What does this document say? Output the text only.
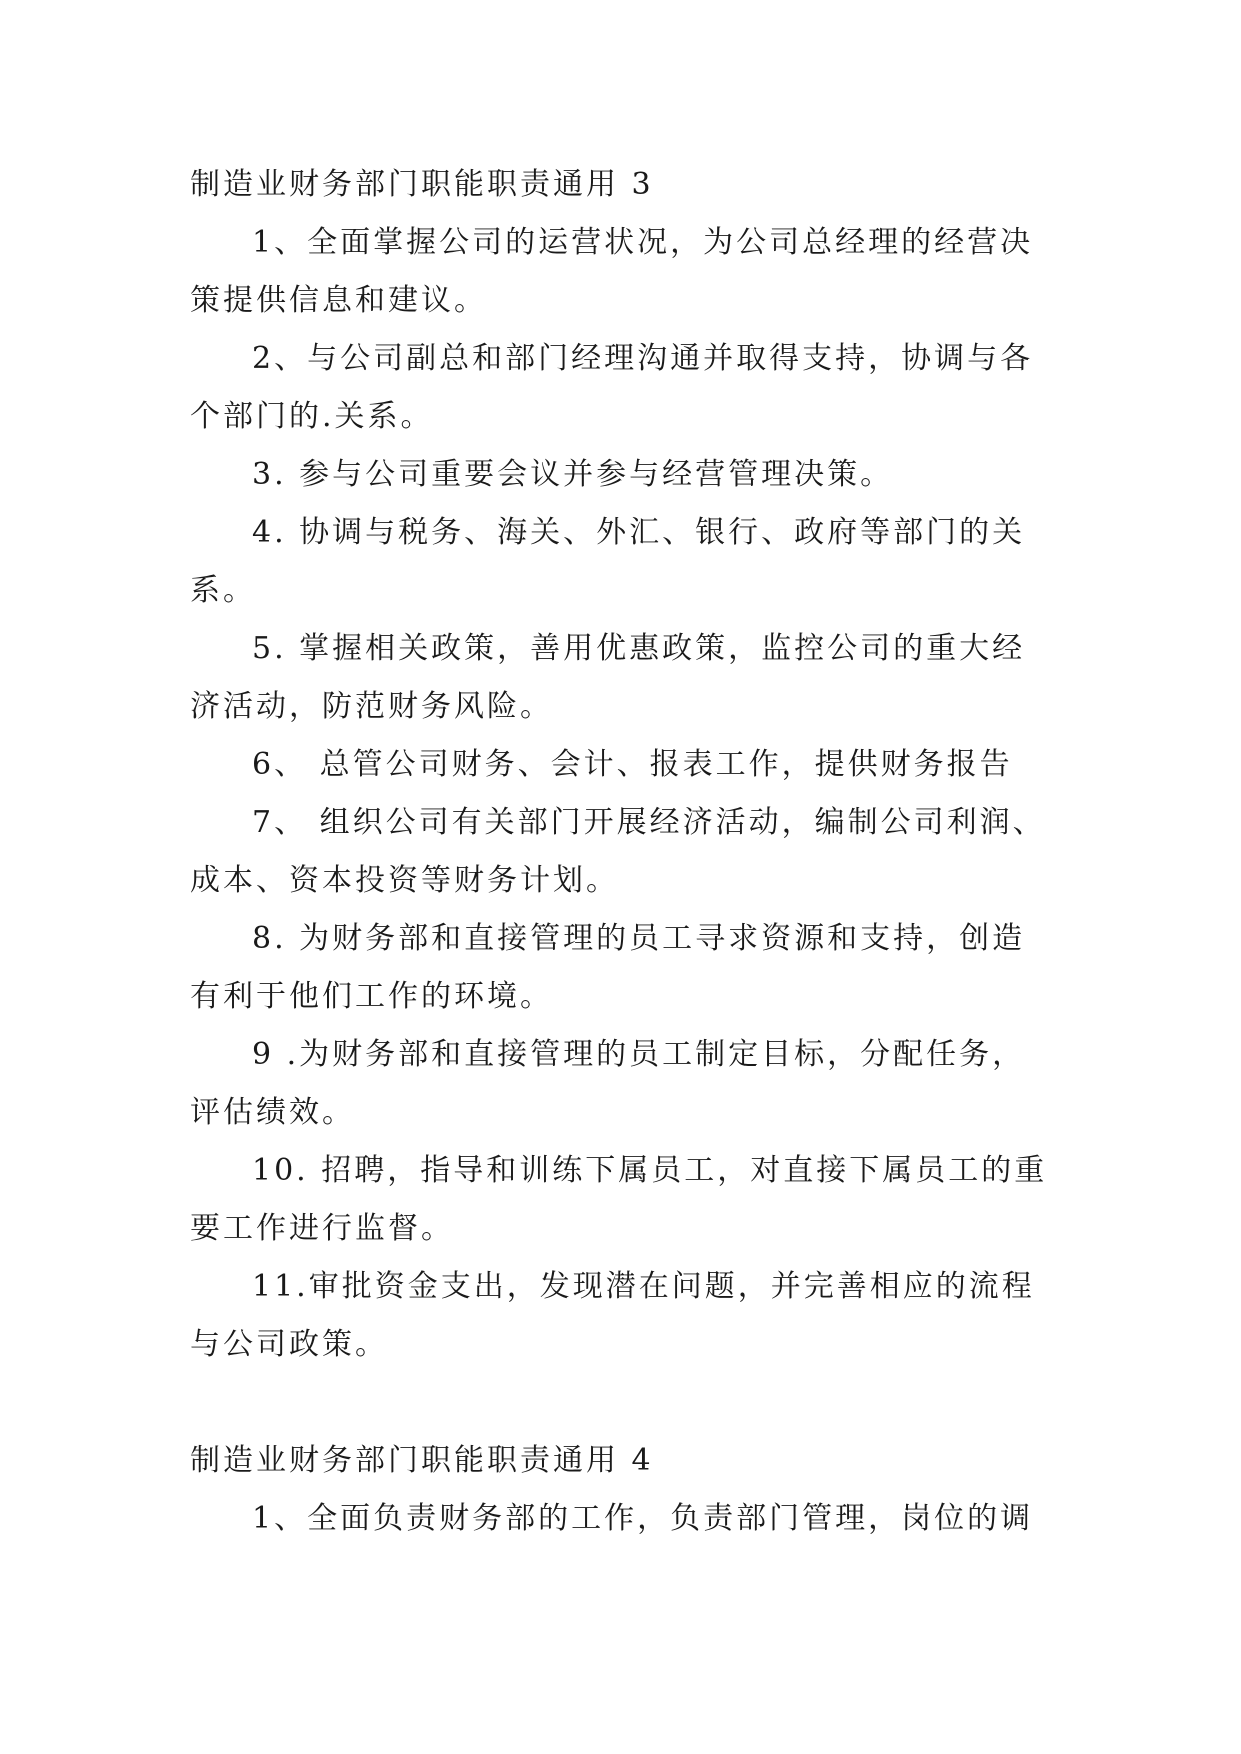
制造业财务部门职能职责通用 3
1、全面掌握公司的运营状况，为公司总经理的经营决
策提供信息和建议。
2、与公司副总和部门经理沟通并取得支持，协调与各
个部门的.关系。
3. 参与公司重要会议并参与经营管理决策。
4. 协调与税务、海关、外汇、银行、政府等部门的关
系。
5. 掌握相关政策，善用优惠政策，监控公司的重大经
济活动，防范财务风险。
6、 总管公司财务、会计、报表工作，提供财务报告
7、 组织公司有关部门开展经济活动，编制公司利润、
成本、资本投资等财务计划。
8. 为财务部和直接管理的员工寻求资源和支持，创造
有利于他们工作的环境。
9 .为财务部和直接管理的员工制定目标，分配任务，
评估绩效。
10. 招聘，指导和训练下属员工，对直接下属员工的重
要工作进行监督。
11.审批资金支出，发现潜在问题，并完善相应的流程
与公司政策。
制造业财务部门职能职责通用 4
1、全面负责财务部的工作，负责部门管理，岗位的调
